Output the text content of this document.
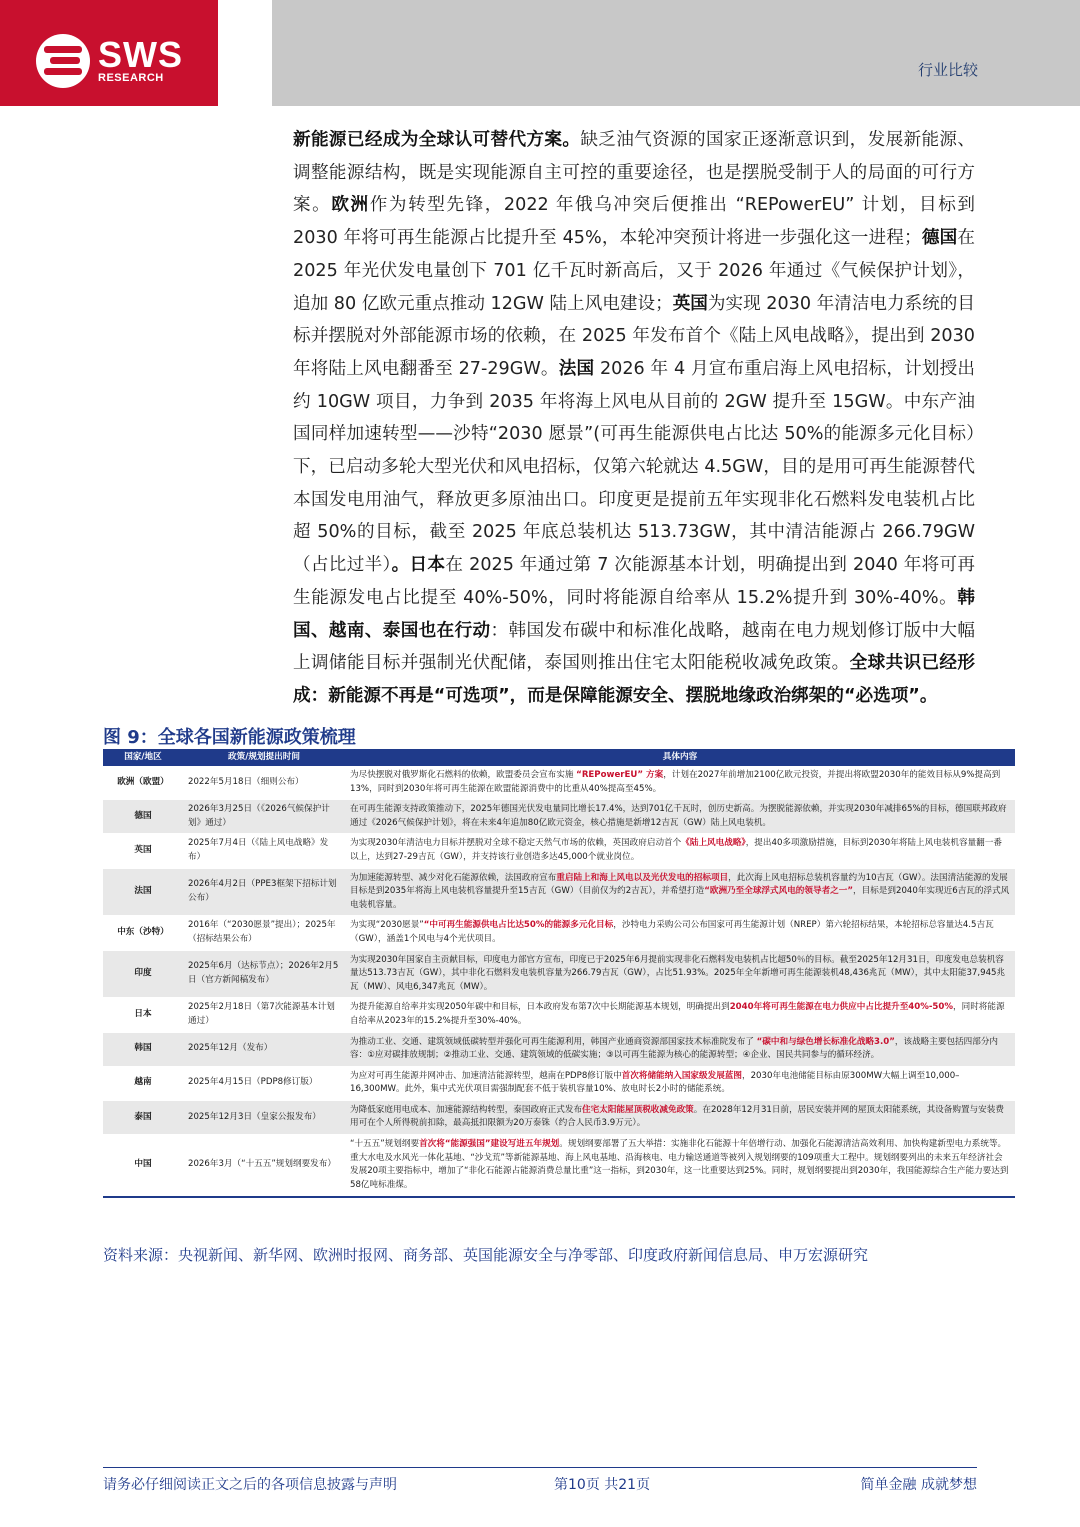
SWS
RESEARCH	行业比较
新能源已经成为全球认可替代方案。缺乏油气资源的国家正逐渐意识到，发展新能源、调整能源结构，既是实现能源自主可控的重要途径，也是摆脱受制于人的局面的可行方案。欧洲作为转型先锋，2022 年俄乌冲突后便推出 “REPowerEU” 计划，目标到 2030 年将可再生能源占比提升至 45%，本轮冲突预计将进一步强化这一进程；德国在 2025 年光伏发电量创下 701 亿千瓦时新高后，又于 2026 年通过《气候保护计划》，追加 80 亿欧元重点推动 12GW 陆上风电建设；英国为实现 2030 年清洁电力系统的目标并摆脱对外部能源市场的依赖，在 2025 年发布首个《陆上风电战略》，提出到 2030 年将陆上风电翻番至 27-29GW。法国 2026 年 4 月宣布重启海上风电招标，计划授出约 10GW 项目，力争到 2035 年将海上风电从目前的 2GW 提升至 15GW。中东产油国同样加速转型——沙特“2030 愿景”(可再生能源供电占比达 50%的能源多元化目标）下，已启动多轮大型光伏和风电招标，仅第六轮就达 4.5GW，目的是用可再生能源替代本国发电用油气，释放更多原油出口。印度更是提前五年实现非化石燃料发电装机占比超 50%的目标，截至 2025 年底总装机达 513.73GW，其中清洁能源占 266.79GW（占比过半）。日本在 2025 年通过第 7 次能源基本计划，明确提出到 2040 年将可再生能源发电占比提至 40%-50%，同时将能源自给率从 15.2%提升到 30%-40%。韩国、越南、泰国也在行动：韩国发布碳中和标准化战略，越南在电力规划修订版中大幅上调储能目标并强制光伏配储，泰国则推出住宅太阳能税收减免政策。全球共识已经形成：新能源不再是“可选项”，而是保障能源安全、摆脱地缘政治绑架的“必选项”。
图 9：全球各国新能源政策梳理
国家/地区	政策/规划提出时间	具体内容
欧洲（欧盟）	2022年5月18日（细则公布）	为尽快摆脱对俄罗斯化石燃料的依赖，欧盟委员会宣布实施 “REPowerEU” 方案，计划在2027年前增加2100亿欧元投资，并提出将欧盟2030年的能效目标从9%提高到13%，同时到2030年将可再生能源在欧盟能源消费中的比重从40%提高至45%。
德国	2026年3月25日（《2026气候保护计划》通过）	在可再生能源支持政策推动下，2025年德国光伏发电量同比增长17.4%，达到701亿千瓦时，创历史新高。为摆脱能源依赖，并实现2030年减排65%的目标，德国联邦政府通过《2026气候保护计划》，将在未来4年追加80亿欧元资金，核心措施是新增12吉瓦（GW）陆上风电装机。
英国	2025年7月4日（《陆上风电战略》发布）	为实现2030年清洁电力目标并摆脱对全球不稳定天然气市场的依赖，英国政府启动首个《陆上风电战略》，提出40多项激励措施，目标到2030年将陆上风电装机容量翻一番以上，达到27-29吉瓦（GW），并支持该行业创造多达45,000个就业岗位。
法国	2026年4月2日（PPE3框架下招标计划公布）	为加速能源转型、减少对化石能源依赖，法国政府宣布重启陆上和海上风电以及光伏发电的招标项目，此次海上风电招标总装机容量约为10吉瓦（GW）。法国清洁能源的发展目标是到2035年将海上风电装机容量提升至15吉瓦（GW）（目前仅为约2吉瓦），并希望打造“欧洲乃至全球浮式风电的领导者之一”，目标是到2040年实现近6吉瓦的浮式风电装机容量。
中东（沙特）	2016年（“2030愿景”提出）；2025年（招标结果公布）	为实现“2030愿景”“中可再生能源供电占比达50%的能源多元化目标，沙特电力采购公司公布国家可再生能源计划（NREP）第六轮招标结果，本轮招标总容量达4.5吉瓦（GW），涵盖1个风电与4个光伏项目。
印度	2025年6月（达标节点）；2026年2月5日（官方新闻稿发布）	为实现2030年国家自主贡献目标，印度电力部官方宣布，印度已于2025年6月提前实现非化石燃料发电装机占比超50％的目标。截至2025年12月31日，印度发电总装机容量达513.73吉瓦（GW），其中非化石燃料发电装机容量为266.79吉瓦（GW），占比51.93%。2025年全年新增可再生能源装机48,436兆瓦（MW），其中太阳能37,945兆瓦（MW）、风电6,347兆瓦（MW）。
日本	2025年2月18日（第7次能源基本计划通过）	为提升能源自给率并实现2050年碳中和目标，日本政府发布第7次中长期能源基本规划，明确提出到2040年将可再生能源在电力供应中占比提升至40%-50%，同时将能源自给率从2023年的15.2%提升至30%-40%。
韩国	2025年12月（发布）	为推动工业、交通、建筑领域低碳转型并强化可再生能源利用，韩国产业通商资源部国家技术标准院发布了 “碳中和与绿色增长标准化战略3.0”，该战略主要包括四部分内容：①应对碳排放规制；②推动工业、交通、建筑领域的低碳实施；③以可再生能源为核心的能源转型；④企业、国民共同参与的循环经济。
越南	2025年4月15日（PDP8修订版）	为应对可再生能源并网冲击、加速清洁能源转型，越南在PDP8修订版中首次将储能纳入国家级发展蓝图，2030年电池储能目标由原300MW大幅上调至10,000–16,300MW。此外，集中式光伏项目需强制配套不低于装机容量10%、放电时长2小时的储能系统。
泰国	2025年12月3日（皇家公报发布）	为降低家庭用电成本、加速能源结构转型，泰国政府正式发布住宅太阳能屋顶税收减免政策。在2028年12月31日前，居民安装并网的屋顶太阳能系统，其设备购置与安装费用可在个人所得税前扣除，最高抵扣限额为20万泰铢（约合人民币3.9万元）。
中国	2026年3月（“十五五”规划纲要发布）	“十五五”规划纲要首次将“能源强国”建设写进五年规划。规划纲要部署了五大举措：实施非化石能源十年倍增行动、加强化石能源清洁高效利用、加快构建新型电力系统等。重大水电及水风光一体化基地、“沙戈荒”等新能源基地、海上风电基地、沿海核电、电力输送通道等被列入规划纲要的109项重大工程中。规划纲要列出的未来五年经济社会发展20项主要指标中，增加了“非化石能源占能源消费总量比重”这一指标，到2030年，这一比重要达到25%。同时，规划纲要提出到2030年，我国能源综合生产能力要达到58亿吨标准煤。
资料来源：央视新闻、新华网、欧洲时报网、商务部、英国能源安全与净零部、印度政府新闻信息局、申万宏源研究
请务必仔细阅读正文之后的各项信息披露与声明	第10页 共21页	简单金融 成就梦想
